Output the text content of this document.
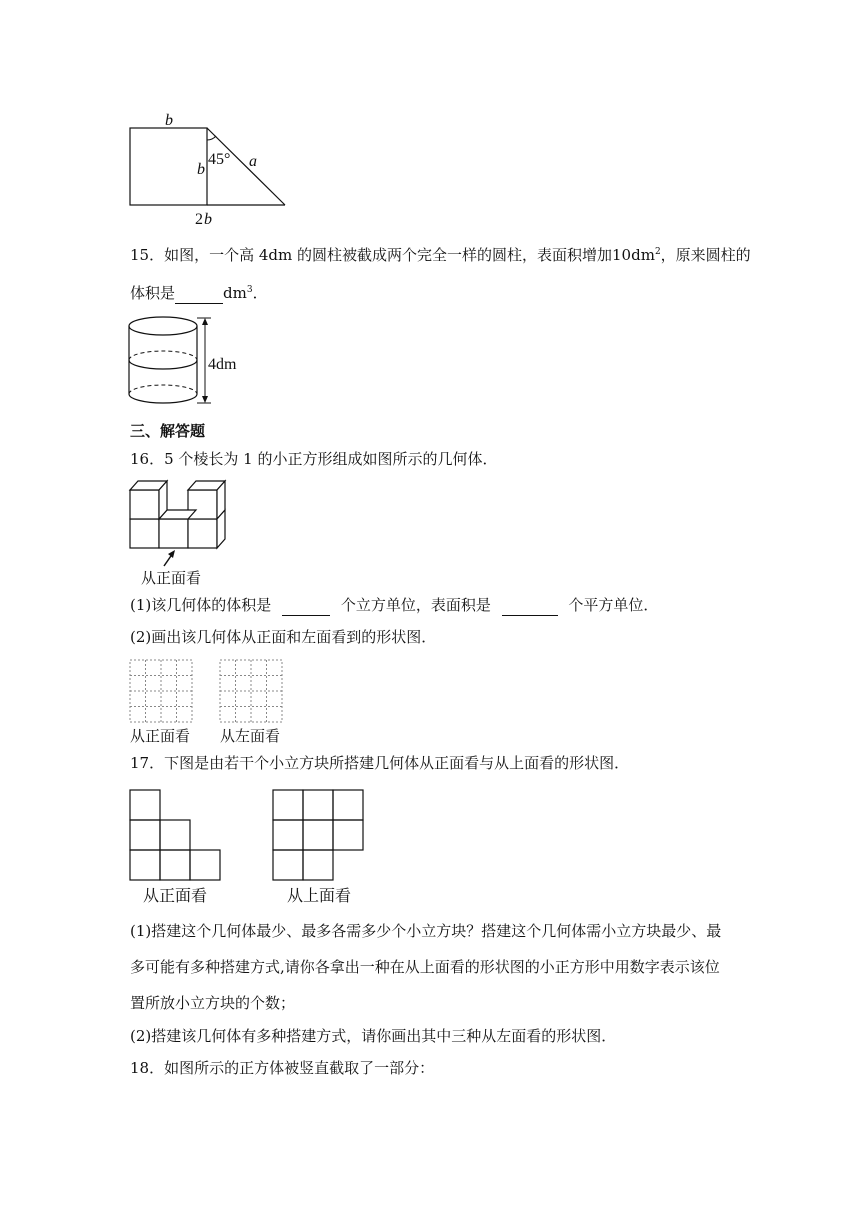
b
b
45° a
2 b
15．如图，一个高 4dm 的圆柱被截成两个完全一样的圆柱，表面积增加$10dm^2$，原来圆柱的
体积是	$dm^3$．
4dm
三、解答题
16．5 个棱长为 1 的小正方形组成如图所示的几何体．
从正面看
(1)该几何体的体积是	个立方单位，表面积是	个平方单位．
(2)画出该几何体从正面和左面看到的形状图．
从正面看 从左面看
17．下图是由若干个小立方块所搭建几何体从正面看与从上面看的形状图．
从正面看	从上面看
(1)搭建这个几何体最少、最多各需多少个小立方块？搭建这个几何体需小立方块最少、最
多可能有多种搭建方式,请你各拿出一种在从上面看的形状图的小正方形中用数字表示该位
置所放小立方块的个数；
(2)搭建该几何体有多种搭建方式，请你画出其中三种从左面看的形状图．
18．如图所示的正方体被竖直截取了一部分：
